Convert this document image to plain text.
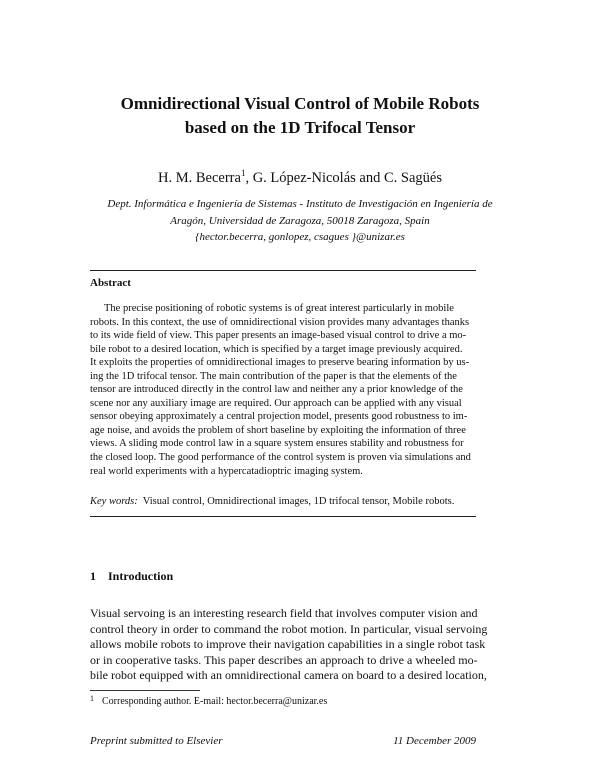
Omnidirectional Visual Control of Mobile Robots
based on the 1D Trifocal Tensor
H. M. Becerra$^1$, G. López-Nicolás and C. Sagüés
Dept. Informática e Ingeniería de Sistemas - Instituto de Investigación en Ingeniería de
Aragón, Universidad de Zaragoza, 50018 Zaragoza, Spain
{hector.becerra, gonlopez, csagues }@unizar.es
Abstract
The precise positioning of robotic systems is of great interest particularly in mobile
robots. In this context, the use of omnidirectional vision provides many advantages thanks
to its wide field of view. This paper presents an image-based visual control to drive a mo-
bile robot to a desired location, which is specified by a target image previously acquired.
It exploits the properties of omnidirectional images to preserve bearing information by us-
ing the 1D trifocal tensor. The main contribution of the paper is that the elements of the
tensor are introduced directly in the control law and neither any a prior knowledge of the
scene nor any auxiliary image are required. Our approach can be applied with any visual
sensor obeying approximately a central projection model, presents good robustness to im-
age noise, and avoids the problem of short baseline by exploiting the information of three
views. A sliding mode control law in a square system ensures stability and robustness for
the closed loop. The good performance of the control system is proven via simulations and
real world experiments with a hypercatadioptric imaging system.
Key words: Visual control, Omnidirectional images, 1D trifocal tensor, Mobile robots.
1 Introduction
Visual servoing is an interesting research field that involves computer vision and
control theory in order to command the robot motion. In particular, visual servoing
allows mobile robots to improve their navigation capabilities in a single robot task
or in cooperative tasks. This paper describes an approach to drive a wheeled mo-
bile robot equipped with an omnidirectional camera on board to a desired location,
$^1$ Corresponding author. E-mail: hector.becerra@unizar.es
Preprint submitted to Elsevier	11 December 2009
